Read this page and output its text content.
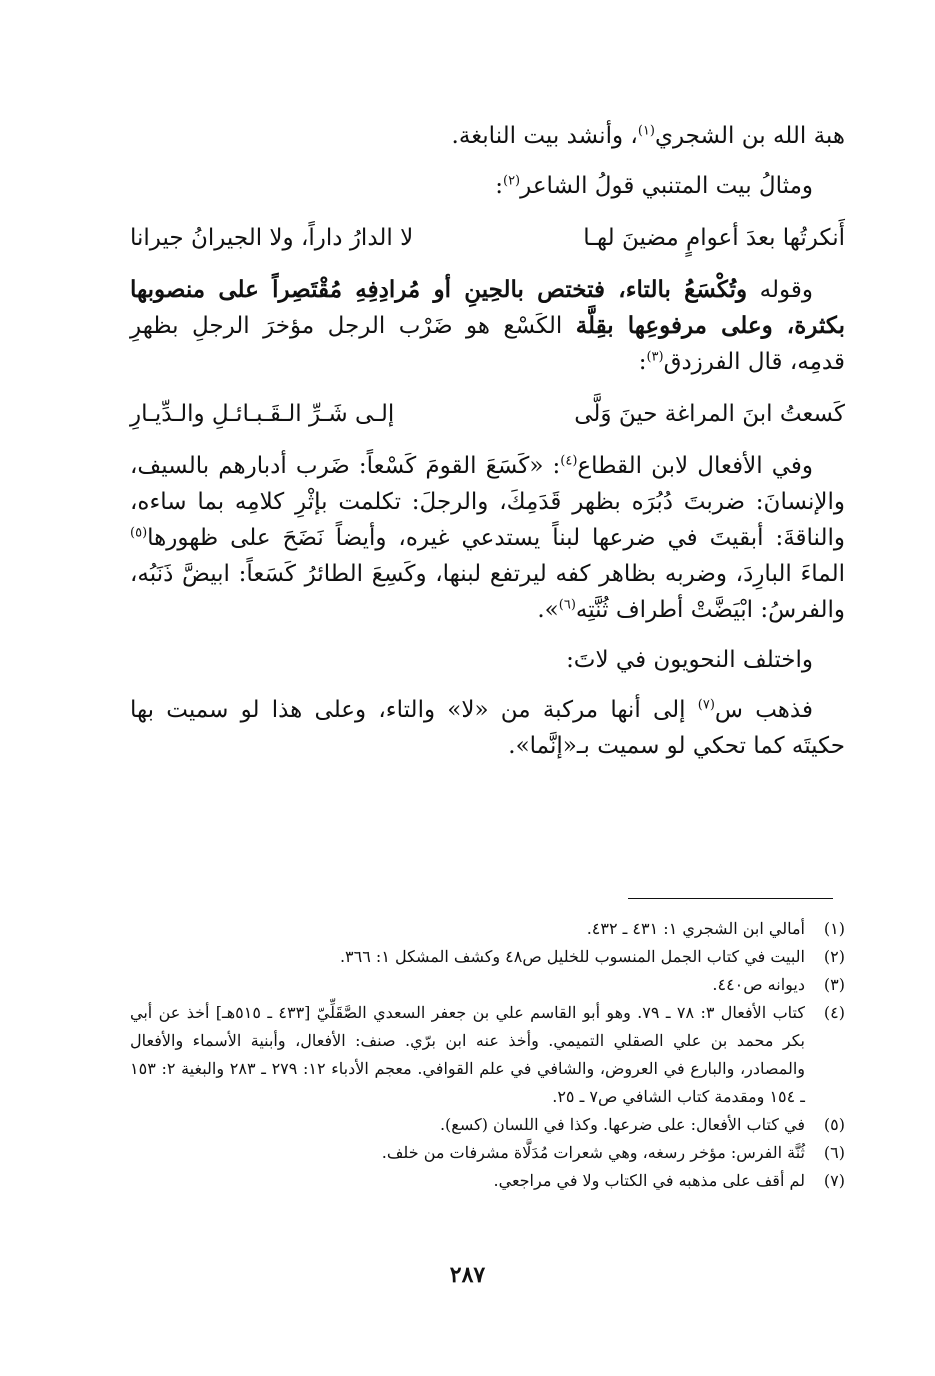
هبة الله بن الشجري$^{(١)}$، وأنشد بيت النابغة.

ومثالُ بيت المتنبي قولُ الشاعر$^{(٢)}$:

أَنكرتُها بعدَ أعوامٍ مضينَ لهـا
لا الدارُ داراً، ولا الجيرانُ جيرانا

وقوله وتُكْسَعُ بالتاء، فتختص بالحِينِ أو مُرادِفِهِ مُقْتَصِراً على منصوبها بكثرة، وعلى مرفوعِها بقِلَّة الكَسْع هو ضَرْب الرجل مؤخرَ الرجلِ بظهرِ قدمِه، قال الفرزدق$^{(٣)}$:

كَسعتُ ابنَ المراغة حينَ وَلَّى
إلـى شَـرِّ الـقَـبـائـلِ والـدِّيـارِ

وفي الأفعال لابن القطاع$^{(٤)}$: «كَسَعَ القومَ كَسْعاً: ضَرب أدبارهم بالسيف، والإنسانَ: ضربتَ دُبُرَه بظهر قَدَمِكَ، والرجلَ: تكلمت بإثْرِ كلامِه بما ساءه، والناقةَ: أبقيتَ في ضرعها لبناً يستدعي غيره، وأيضاً نَضَحَ على ظهورها$^{(٥)}$ الماءَ البارِدَ، وضربه بظاهر كفه ليرتفع لبنها، وكَسِعَ الطائرُ كَسَعاً: ابيضَّ ذَنَبُه، والفرسُ: ابْيَضَّتْ أطراف ثُنَّتِه$^{(٦)}$».

واختلف النحويون في لاتَ:

فذهب س$^{(٧)}$ إلى أنها مركبة من «لا» والتاء، وعلى هذا لو سميت بها حكيتَه كما تحكي لو سميت بـ«إنَّما».

(١)
أمالي ابن الشجري ١: ٤٣١ ـ ٤٣٢.
(٢)
البيت في كتاب الجمل المنسوب للخليل ص٤٨ وكشف المشكل ١: ٣٦٦.
(٣)
ديوانه ص٤٤٠.
(٤)
كتاب الأفعال ٣: ٧٨ ـ ٧٩. وهو أبو القاسم علي بن جعفر السعدي الصَّقَلِّيّ [٤٣٣ ـ ٥١٥هـ] أخذ عن أبي بكر محمد بن علي الصقلي التميمي. وأخذ عنه ابن برّي. صنف: الأفعال، وأبنية الأسماء والأفعال والمصادر، والبارع في العروض، والشافي في علم القوافي. معجم الأدباء ١٢: ٢٧٩ ـ ٢٨٣ والبغية ٢: ١٥٣ ـ ١٥٤ ومقدمة كتاب الشافي ص٧ ـ ٢٥.
(٥)
في كتاب الأفعال: على ضرعها. وكذا في اللسان (كسع).
(٦)
ثُنَّة الفرس: مؤخر رسغه، وهي شعرات مُدَلَّاة مشرفات من خلف.
(٧)
لم أقف على مذهبه في الكتاب ولا في مراجعي.
٢٨٧
